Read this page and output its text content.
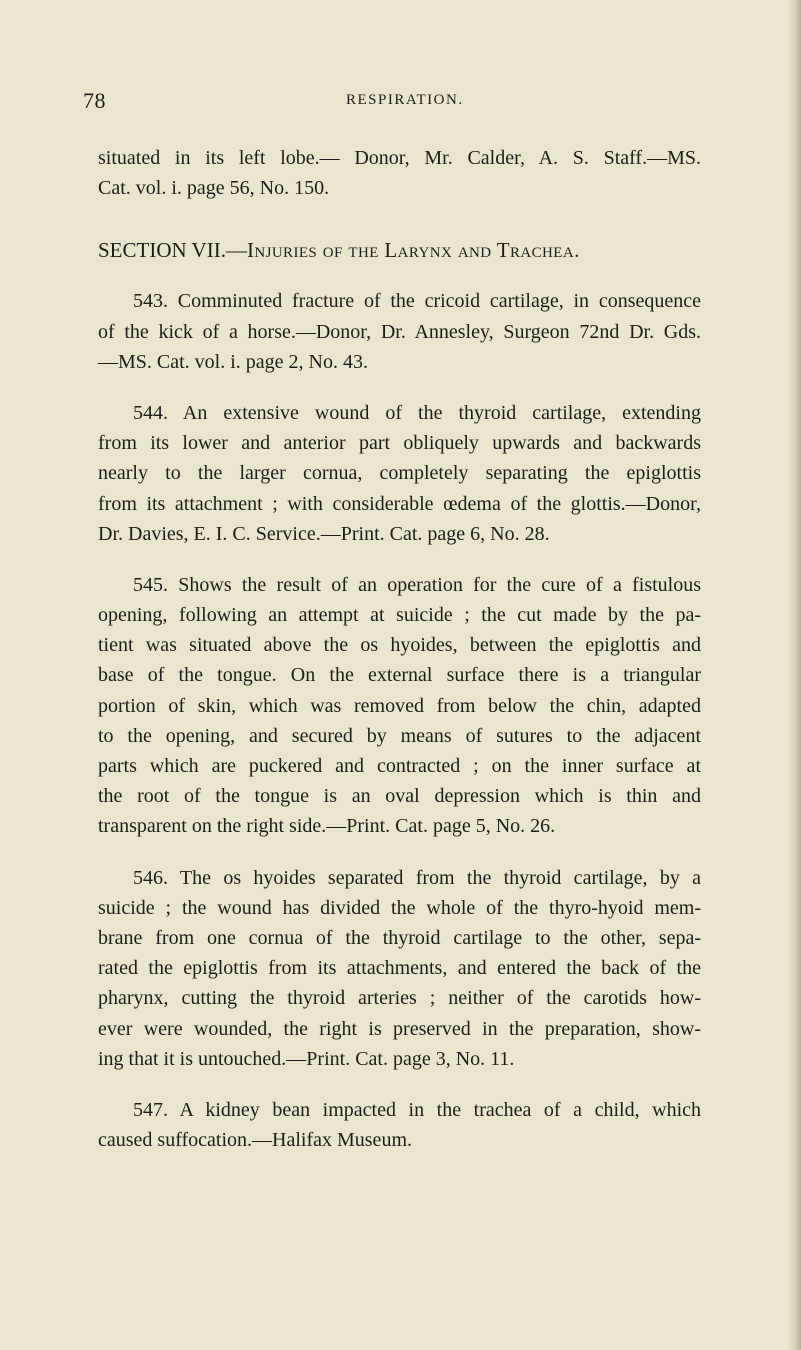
78	RESPIRATION.
situated in its left lobe.— Donor, Mr. Calder, A. S. Staff.—MS.
Cat. vol. i. page 56, No. 150.
SECTION VII.—Injuries of the Larynx and Trachea.
543. Comminuted fracture of the cricoid cartilage, in consequence
of the kick of a horse.—Donor, Dr. Annesley, Surgeon 72nd Dr. Gds.
—MS. Cat. vol. i. page 2, No. 43.
544. An extensive wound of the thyroid cartilage, extending
from its lower and anterior part obliquely upwards and backwards
nearly to the larger cornua, completely separating the epiglottis
from its attachment ; with considerable œdema of the glottis.—Donor,
Dr. Davies, E. I. C. Service.—Print. Cat. page 6, No. 28.
545. Shows the result of an operation for the cure of a fistulous
opening, following an attempt at suicide ; the cut made by the pa-
tient was situated above the os hyoides, between the epiglottis and
base of the tongue. On the external surface there is a triangular
portion of skin, which was removed from below the chin, adapted
to the opening, and secured by means of sutures to the adjacent
parts which are puckered and contracted ; on the inner surface at
the root of the tongue is an oval depression which is thin and
transparent on the right side.—Print. Cat. page 5, No. 26.
546. The os hyoides separated from the thyroid cartilage, by a
suicide ; the wound has divided the whole of the thyro-hyoid mem-
brane from one cornua of the thyroid cartilage to the other, sepa-
rated the epiglottis from its attachments, and entered the back of the
pharynx, cutting the thyroid arteries ; neither of the carotids how-
ever were wounded, the right is preserved in the preparation, show-
ing that it is untouched.—Print. Cat. page 3, No. 11.
547. A kidney bean impacted in the trachea of a child, which
caused suffocation.—Halifax Museum.
